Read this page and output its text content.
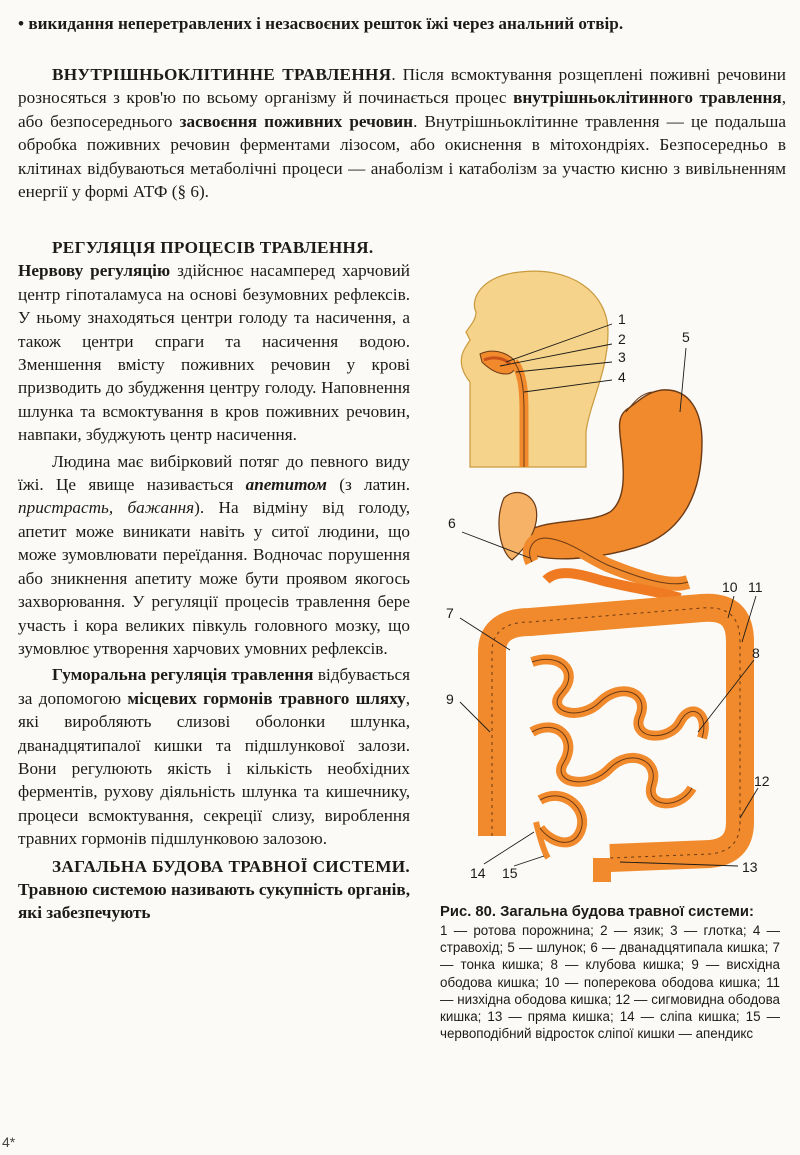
• викидання неперетравлених і незасвоєних решток їжі через анальний отвір.
ВНУТРІШНЬОКЛІТИННЕ ТРАВЛЕННЯ. Після всмоктування розщеплені поживні речовини розносяться з кров'ю по всьому організму й починається процес внутрішньоклітинного травлення, або безпосереднього засвоєння поживних речовин. Внутрішньоклітинне травлення — це подальша обробка поживних речовин ферментами лізосом, або окиснення в мітохондріях. Безпосередньо в клітинах відбуваються метаболічні процеси — анаболізм і катаболізм за участю кисню з вивільненням енергії у формі АТФ (§ 6).
РЕГУЛЯЦІЯ ПРОЦЕСІВ ТРАВЛЕННЯ.
Нервову регуляцію здійснює насамперед харчовий центр гіпоталамуса на основі безумовних рефлексів. У ньому знаходяться центри голоду та насичення, а також центри спраги та насичення водою. Зменшення вмісту поживних речовин у крові призводить до збудження центру голоду. Наповнення шлунка та всмоктування в кров поживних речовин, навпаки, збуджують центр насичення.
Людина має вибірковий потяг до певного виду їжі. Це явище називається апетитом (з латин. пристрасть, бажання). На відміну від голоду, апетит може виникати навіть у ситої людини, що може зумовлювати переїдання. Водночас порушення або зникнення апетиту може бути проявом якогось захворювання. У регуляції процесів травлення бере участь і кора великих півкуль головного мозку, що зумовлює утворення харчових умовних рефлексів.
Гуморальна регуляція травлення відбувається за допомогою місцевих гормонів травного шляху, які виробляють слизові оболонки шлунка, дванадцятипалої кишки та підшлункової залози. Вони регулюють якість і кількість необхідних ферментів, рухову діяльність шлунка та кишечнику, процеси всмоктування, секреції слизу, вироблення травних гормонів підшлунковою залозою.
ЗАГАЛЬНА БУДОВА ТРАВНОЇ СИСТЕМИ. Травною системою називають сукупність органів, які забезпечують
1
2
3
4
5
6
7
8
9
10 11
12
13
14 15
Рис. 80. Загальна будова травної системи:
1 — ротова порожнина; 2 — язик; 3 — глотка; 4 — стравохід; 5 — шлунок; 6 — дванадцятипала кишка; 7 — тонка кишка; 8 — клубова кишка; 9 — висхідна ободова кишка; 10 — поперекова ободова кишка; 11 — низхідна ободова кишка; 12 — сигмовидна ободова кишка; 13 — пряма кишка; 14 — сліпа кишка; 15 — червоподібний відросток сліпої кишки — апендикс
4*
